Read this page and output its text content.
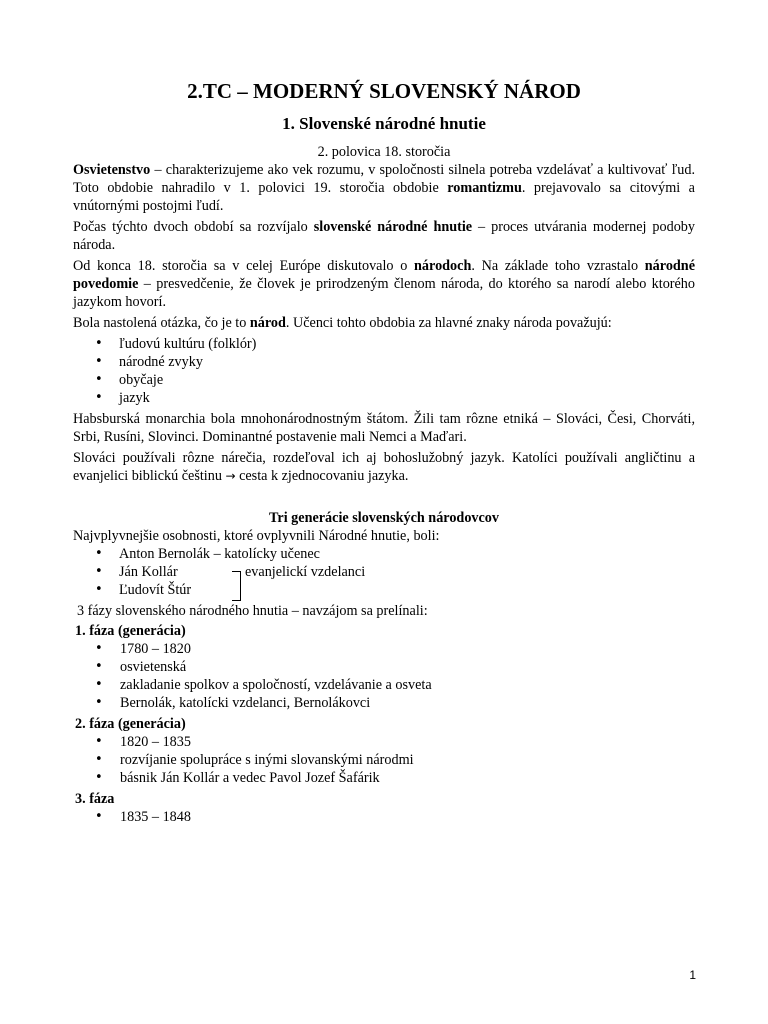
2.TC – MODERNÝ SLOVENSKÝ NÁROD
1. Slovenské národné hnutie
2. polovica 18. storočia

Osvietenstvo – charakterizujeme ako vek rozumu, v spoločnosti silnela potreba vzdelávať a kultivovať ľud. Toto obdobie nahradilo v 1. polovici 19. storočia obdobie romantizmu. prejavovalo sa citovými a vnútornými postojmi ľudí.

Počas týchto dvoch období sa rozvíjalo slovenské národné hnutie – proces utvárania modernej podoby národa.

Od konca 18. storočia sa v celej Európe diskutovalo o národoch. Na základe toho vzrastalo národné povedomie – presvedčenie, že človek je prirodzeným členom národa, do ktorého sa narodí alebo ktorého jazykom hovorí.

Bola nastolená otázka, čo je to národ. Učenci tohto obdobia za hlavné znaky národa považujú:

• ľudovú kultúru (folklór)
• národné zvyky
• obyčaje
• jazyk

Habsburská monarchia bola mnohonárodnostným štátom. Žili tam rôzne etniká – Slováci, Česi, Chorváti, Srbi, Rusíni, Slovinci. Dominantné postavenie mali Nemci a Maďari.

Slováci používali rôzne nárečia, rozdeľoval ich aj bohoslužobný jazyk. Katolíci používali angličtinu a evanjelici biblickú češtinu → cesta k zjednocovaniu jazyka.

Tri generácie slovenských národovcov
Najvplyvnejšie osobnosti, ktoré ovplyvnili Národné hnutie, boli:
• Anton Bernolák – katolícky učenec
• Ján Kollár	evanjelickí vzdelanci
• Ľudovít Štúr
3 fázy slovenského národného hnutia – navzájom sa prelínali:
1. fáza (generácia)
• 1780 – 1820
• osvietenská
• zakladanie spolkov a spoločností, vzdelávanie a osveta
• Bernolák, katolícki vzdelanci, Bernolákovci
2. fáza (generácia)
• 1820 – 1835
• rozvíjanie spolupráce s inými slovanskými národmi
• básnik Ján Kollár a vedec Pavol Jozef Šafárik
3. fáza
• 1835 – 1848
1
